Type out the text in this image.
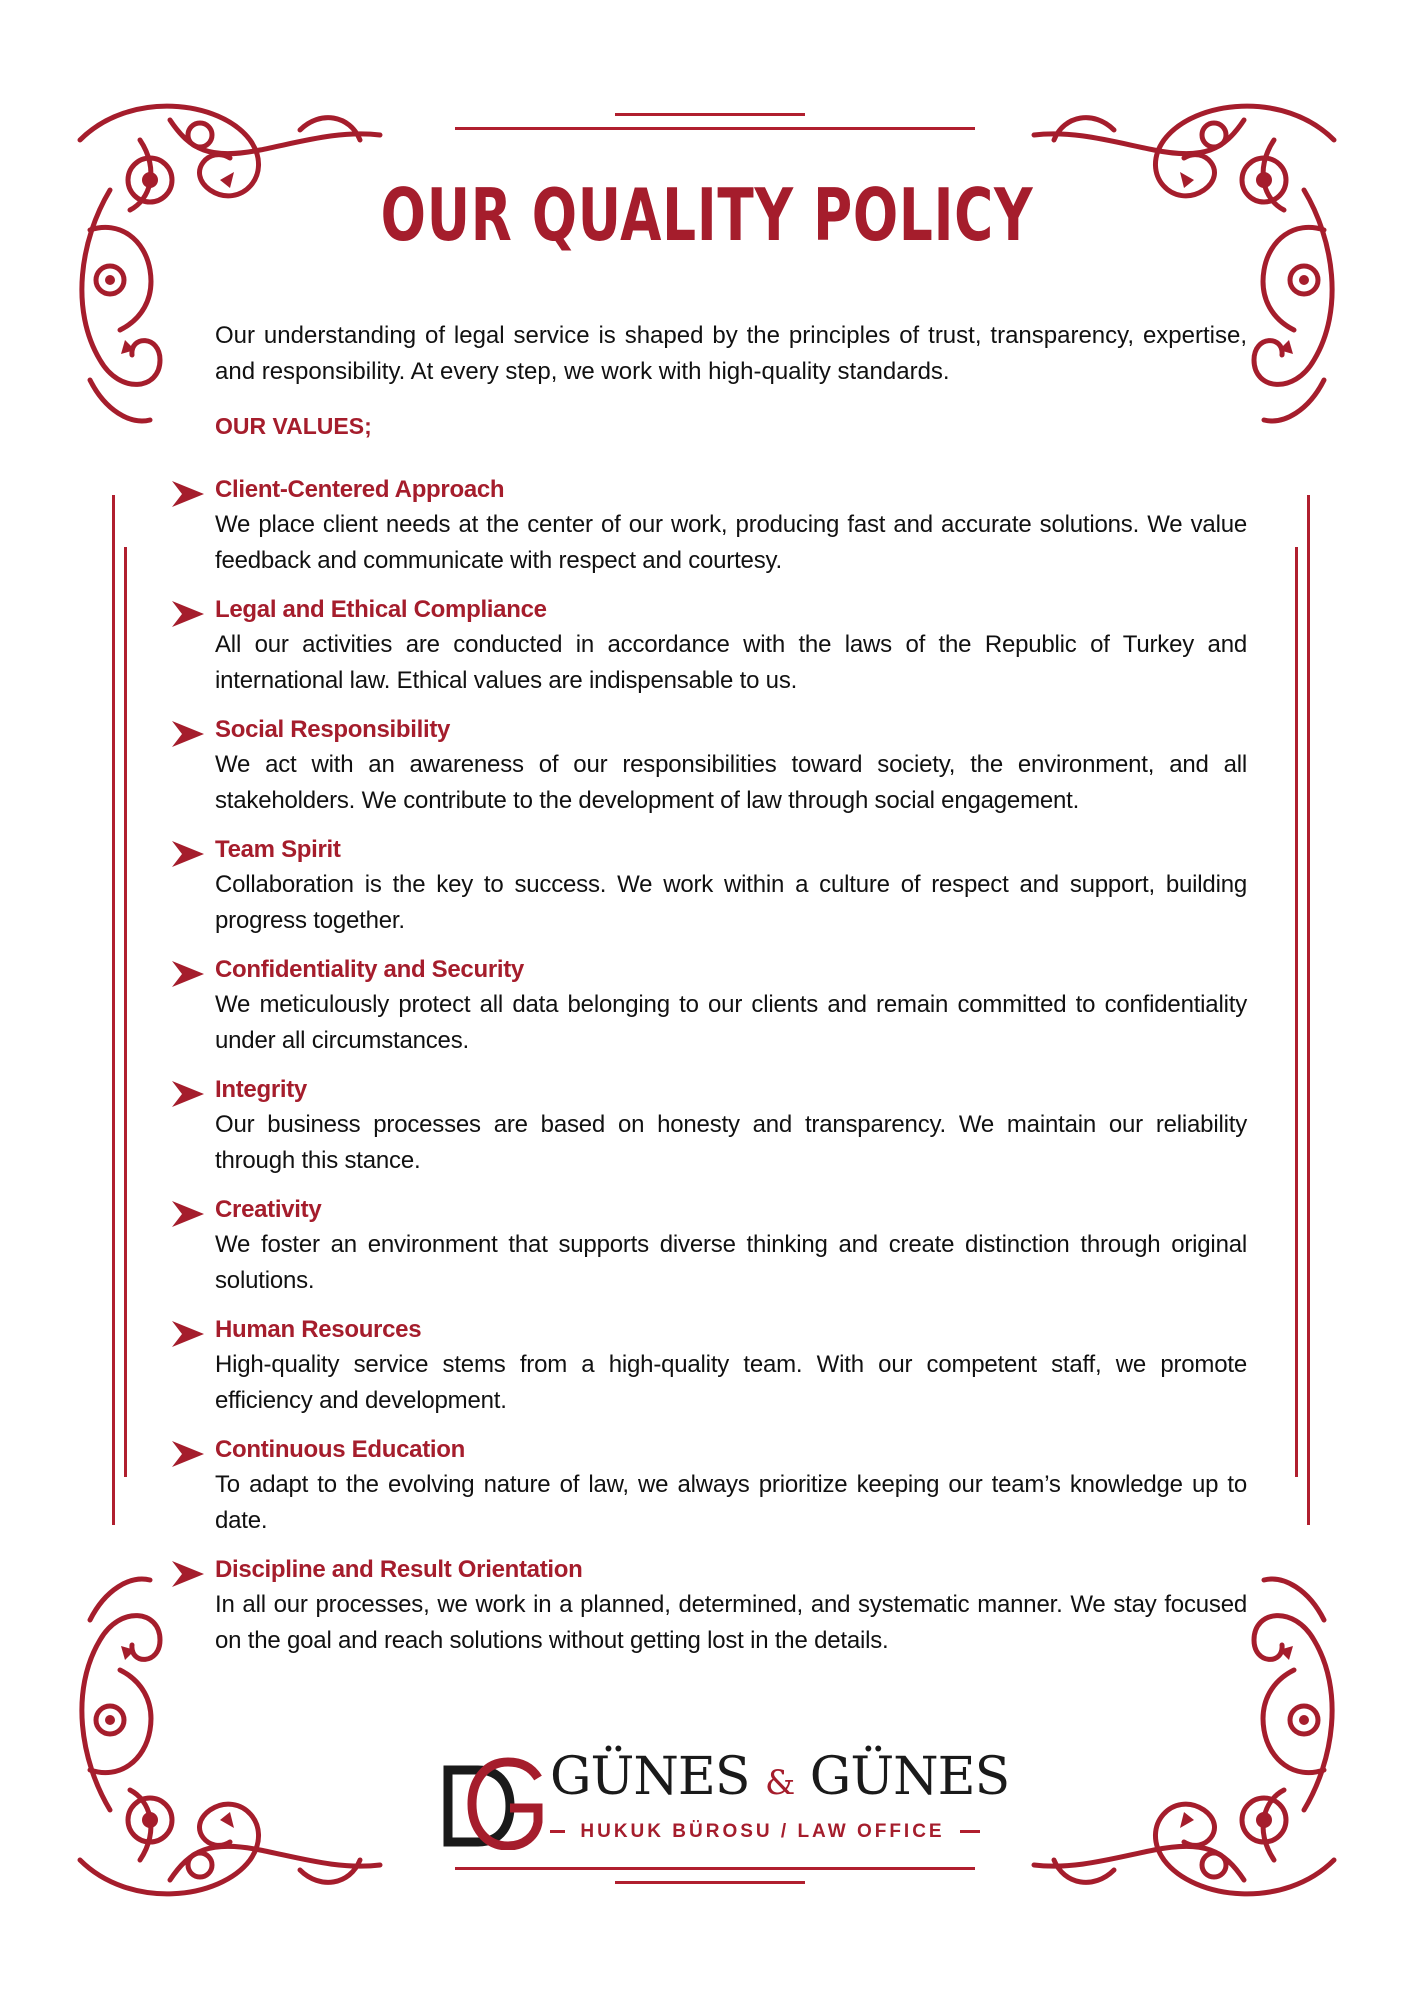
OUR QUALITY POLICY
Our understanding of legal service is shaped by the principles of trust, transparency, expertise, and responsibility. At every step, we work with high-quality standards.
OUR VALUES;
Client-Centered Approach
We place client needs at the center of our work, producing fast and accurate solutions. We value feedback and communicate with respect and courtesy.
Legal and Ethical Compliance
All our activities are conducted in accordance with the laws of the Republic of Turkey and international law. Ethical values are indispensable to us.
Social Responsibility
We act with an awareness of our responsibilities toward society, the environment, and all stakeholders. We contribute to the development of law through social engagement.
Team Spirit
Collaboration is the key to success. We work within a culture of respect and support, building progress together.
Confidentiality and Security
We meticulously protect all data belonging to our clients and remain committed to confidentiality under all circumstances.
Integrity
Our business processes are based on honesty and transparency. We maintain our reliability through this stance.
Creativity
We foster an environment that supports diverse thinking and create distinction through original solutions.
Human Resources
High-quality service stems from a high-quality team. With our competent staff, we promote efficiency and development.
Continuous Education
To adapt to the evolving nature of law, we always prioritize keeping our team’s knowledge up to date.
Discipline and Result Orientation
In all our processes, we work in a planned, determined, and systematic manner. We stay focused on the goal and reach solutions without getting lost in the details.
GÜNES & GÜNES
HUKUK BÜROSU / LAW OFFICE
